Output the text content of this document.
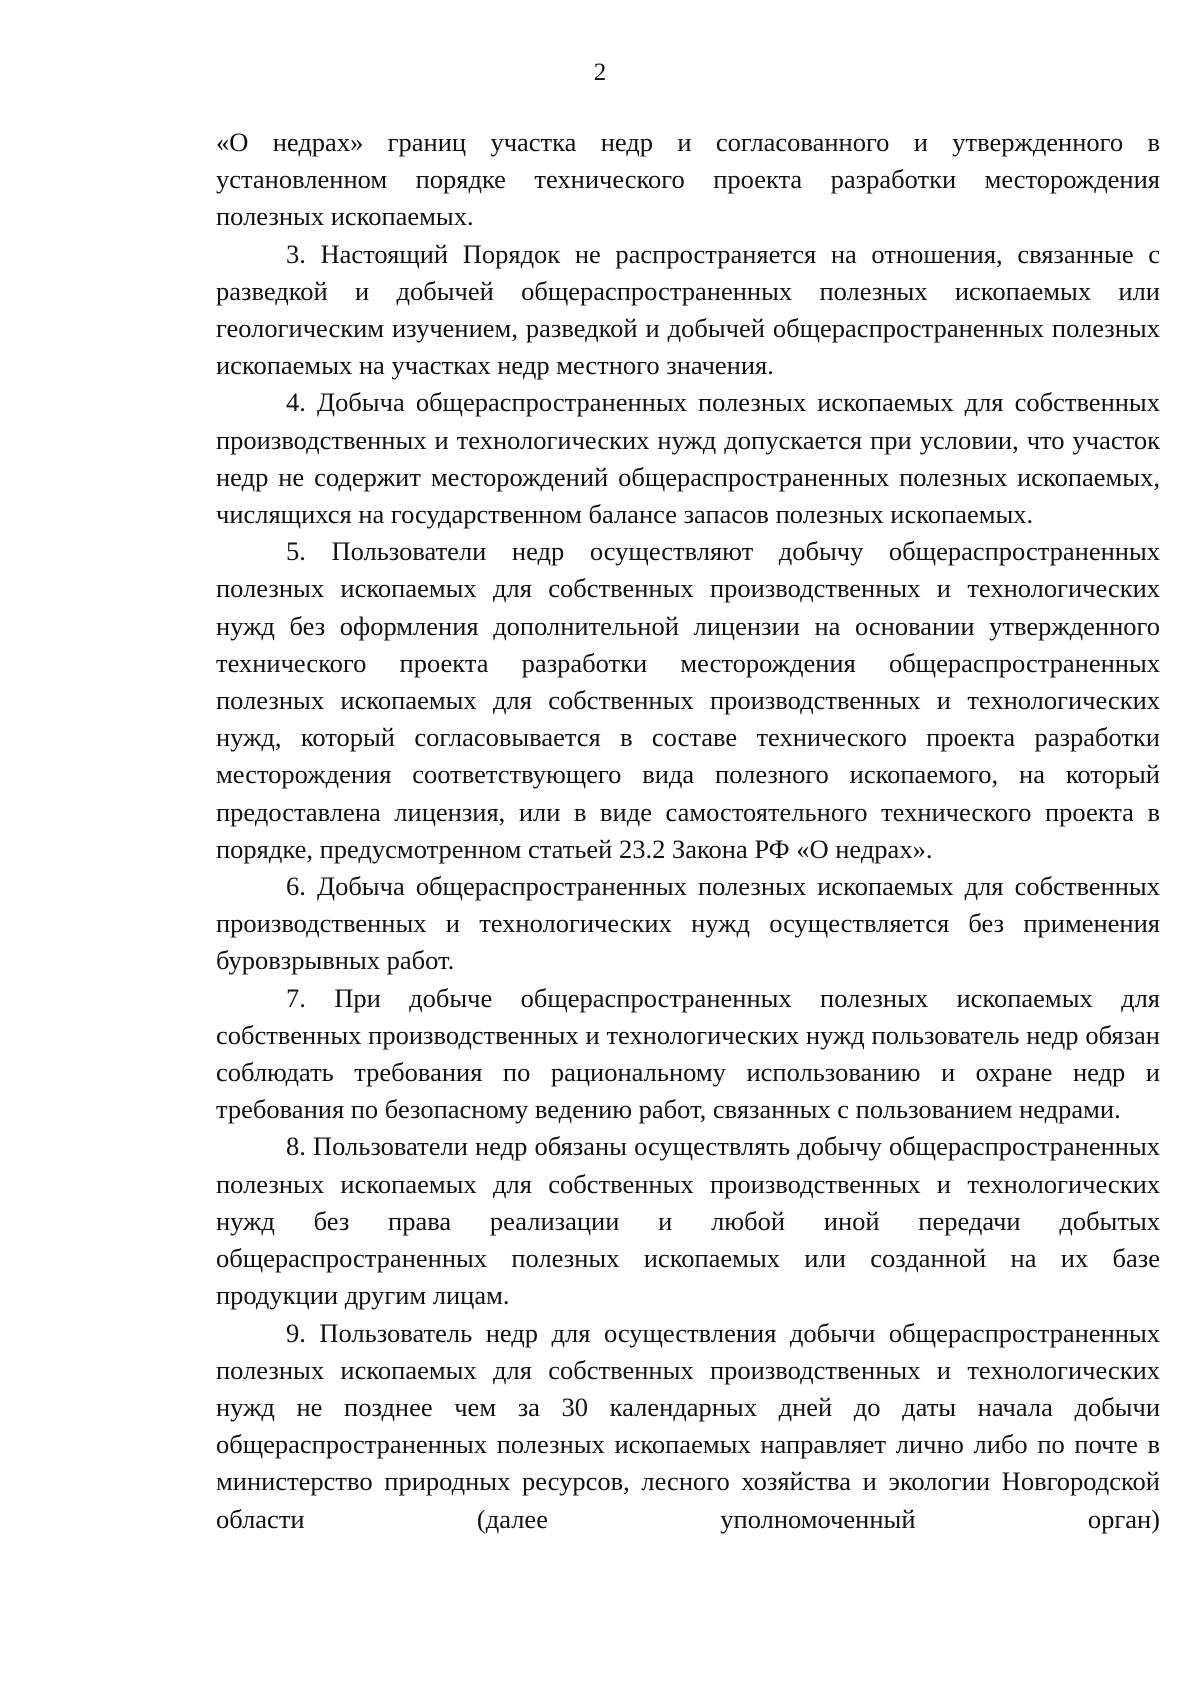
2

«О недрах» границ участка недр и согласованного и утвержденного в установленном порядке технического проекта разработки месторождения полезных ископаемых.

3. Настоящий Порядок не распространяется на отношения, связанные с разведкой и добычей общераспространенных полезных ископаемых или геологическим изучением, разведкой и добычей общераспространенных полезных ископаемых на участках недр местного значения.

4. Добыча общераспространенных полезных ископаемых для собственных производственных и технологических нужд допускается при условии, что участок недр не содержит месторождений общераспространенных полезных ископаемых, числящихся на государственном балансе запасов полезных ископаемых.

5. Пользователи недр осуществляют добычу общераспространенных полезных ископаемых для собственных производственных и технологических нужд без оформления дополнительной лицензии на основании утвержденного технического проекта разработки месторождения общераспространенных полезных ископаемых для собственных производственных и технологических нужд, который согласовывается в составе технического проекта разработки месторождения соответствующего вида полезного ископаемого, на который предоставлена лицензия, или в виде самостоятельного технического проекта в порядке, предусмотренном статьей 23.2 Закона РФ «О недрах».

6. Добыча общераспространенных полезных ископаемых для собственных производственных и технологических нужд осуществляется без применения буровзрывных работ.

7. При добыче общераспространенных полезных ископаемых для собственных производственных и технологических нужд пользователь недр обязан соблюдать требования по рациональному использованию и охране недр и требования по безопасному ведению работ, связанных с пользованием недрами.

8. Пользователи недр обязаны осуществлять добычу общераспространенных полезных ископаемых для собственных производственных и технологических нужд без права реализации и любой иной передачи добытых общераспространенных полезных ископаемых или созданной на их базе продукции другим лицам.

9. Пользователь недр для осуществления добычи общераспространенных полезных ископаемых для собственных производственных и технологических нужд не позднее чем за 30 календарных дней до даты начала добычи общераспространенных полезных ископаемых направляет лично либо по почте в министерство природных ресурсов, лесного хозяйства и экологии Новгородской области (далее уполномоченный орган)
